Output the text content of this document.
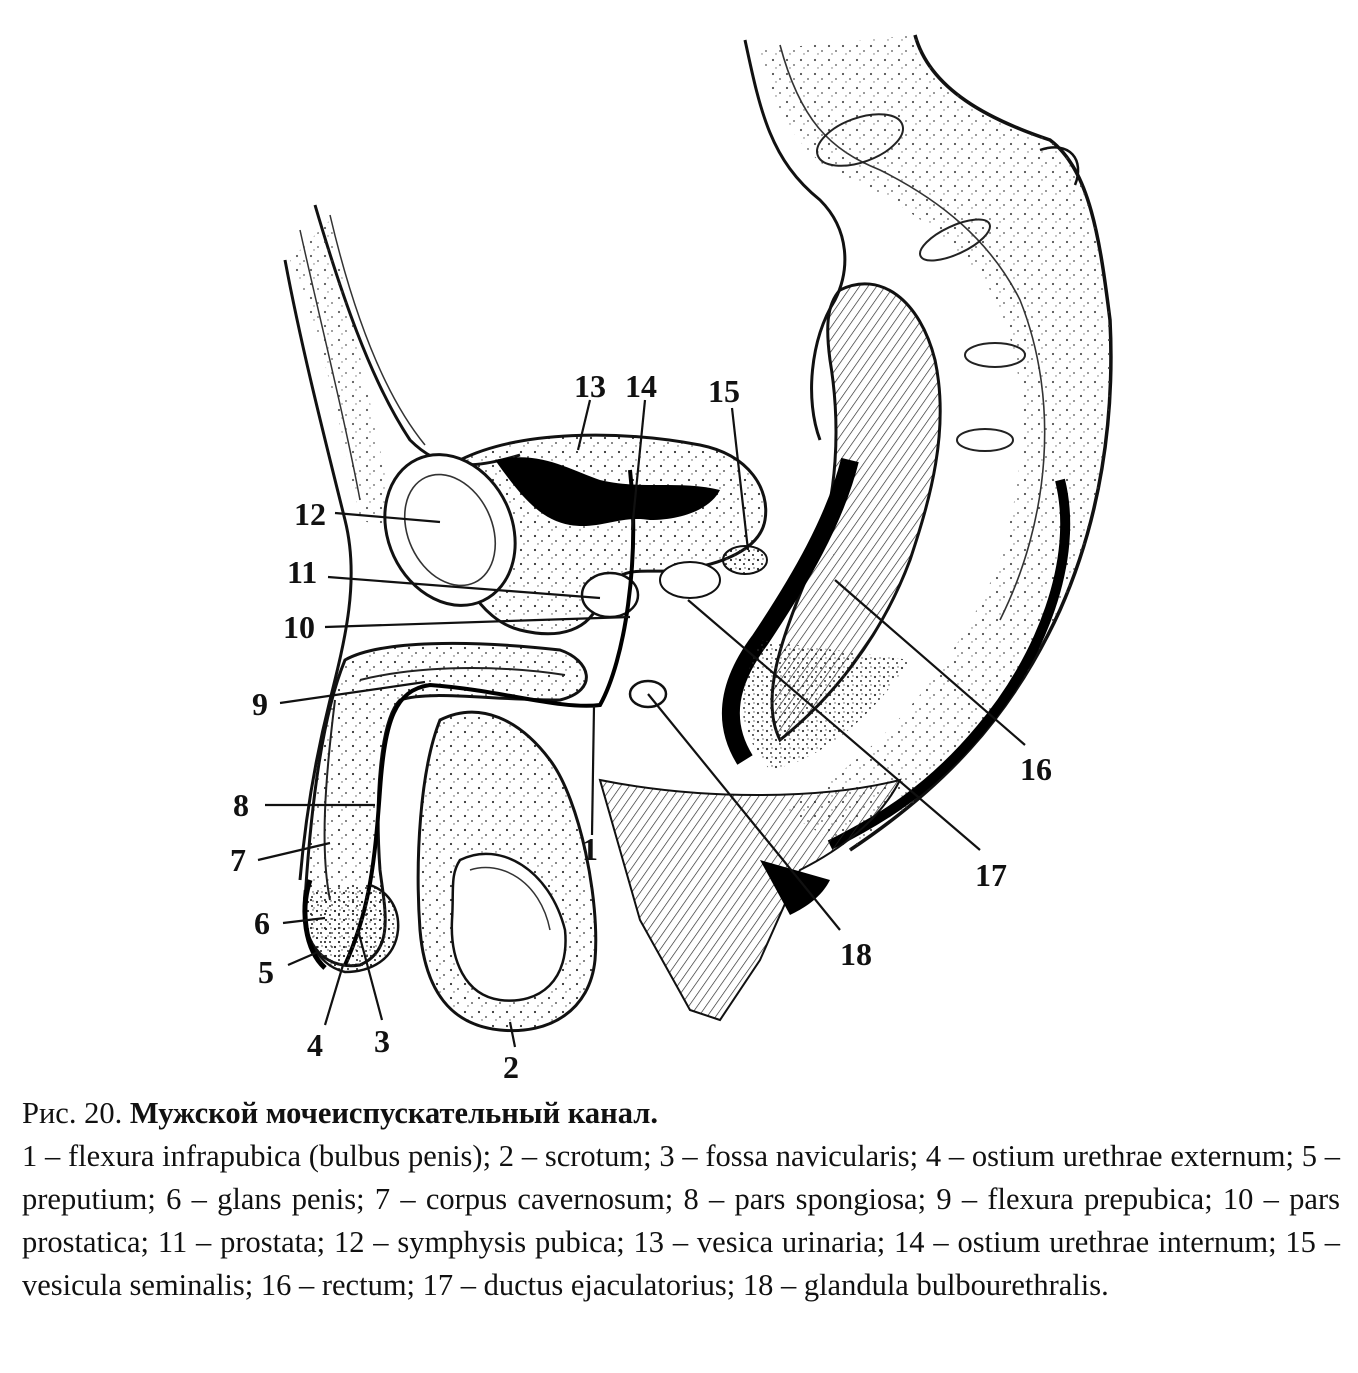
1
2
3
4
5
6
7
8
9
10
11
12
13 14 15
16
17
18
Рис. 20. Мужской мочеиспускательный канал.
1 – flexura infrapubica (bulbus penis); 2 – scrotum; 3 – fossa navicularis; 4 – ostium urethrae externum; 5 – preputium; 6 – glans penis; 7 – corpus cavernosum; 8 – pars spongiosa; 9 – flexura prepubica; 10 – pars prostatica; 11 – prostata; 12 – symphysis pubica; 13 – vesica urinaria; 14 – ostium urethrae internum; 15 – vesicula seminalis; 16 – rectum; 17 – ductus ejaculatorius; 18 – glandula bulbourethralis.
